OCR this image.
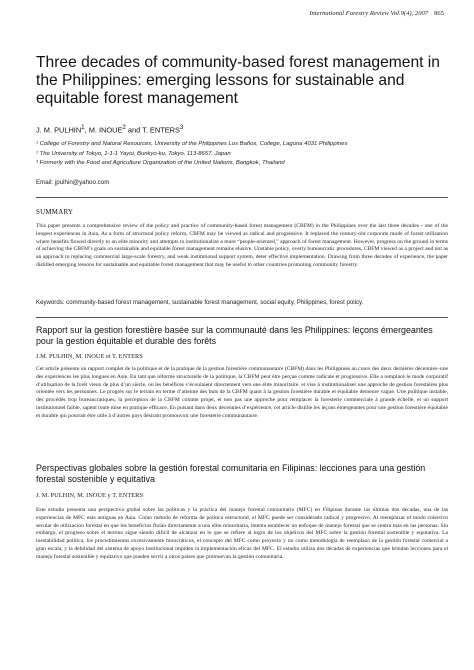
International Forestry Review Vol.9(4), 2007 865
Three decades of community-based forest management in the Philippines: emerging lessons for sustainable and equitable forest management
J. M. PULHIN$^1$, M. INOUE$^2$ and T. ENTERS$^3$
¹ College of Forestry and Natural Resources, University of the Philippines Los Baños, College, Laguna 4031 Philippines
² The University of Tokyo, 1-1-1 Yayoi, Bunkyo-ku, Tokyo, 113-8657, Japan
³ Formerly with the Food and Agriculture Organization of the United Nations, Bangkok, Thailand
Email: jpulhin@yahoo.com
SUMMARY

This paper presents a comprehensive review of the policy and practice of community-based forest management (CBFM) in the Philippines over the last three decades - one of the longest experiences in Asia. As a form of structural policy reform, CBFM may be viewed as radical and progressive. It replaced the century-old corporate mode of forest utilization where benefits flowed directly to an elite minority and attempts to institutionalize a more “people-oriented,” approach of forest management. However, progress on the ground in terms of achieving the CBFM’s goals on sustainable and equitable forest management remains elusive. Unstable policy, overly bureaucratic procedures, CBFM viewed as a project and not as an approach to replacing commercial large-scale forestry, and weak institutional support system, deter effective implementation. Drawing from three decades of experience, the paper distilled emerging lessons for sustainable and equitable forest management that may be useful to other countries promoting community forestry.

Keywords: community-based forest management, sustainable forest management, social equity, Philippines, forest policy.
Rapport sur la gestion forestière basée sur la communauté dans les Philippines: leçons émergeantes pour la gestion équitable et durable des forêts
J.M. PULHIN, M. INOUE et T. ENTERS

Cet article présente un rapport complet de la politique et de la pratique de la gestion forestière communautaire (CBFM) dans les Philippines au cours des deux dernières décennies–une des expériences les plus longues en Asie. En tant que réforme structurelle de la politique, la CBFM peut être perçue comme radicale et progressive. Elle a remplacé le mode corporatif d’utilisation de la forêt vieux de plus d’un siècle, où les bénéfices s’écoulaient directement vers une élite minoritaire, et vise à institutionaliser une approche de gestion forestières plus orientée vers les personnes. Le progrès sur le terrain en terme d’atteinte des buts de la CBFM quant à la gestion forestière durable et équitable demeure vague. Une politique instable, des procédés trop bureaucratiques, la perception de la CBFM comme projet, et non pas une approche pour remplacer la foresterie commerciale à grande échelle, et un support institutionnel faible, sapent toute mise en pratique efficace. En puisant dans deux décennies d’expérience, cet article distille les leçons émergeantes pour une gestion forestière équitable et durable qui pourrait être utile à d’autres pays désirant promouvoir une foresterie communautaire.

Perspectivas globales sobre la gestión forestal comunitaria en Filipinas: lecciones para una gestión forestal sostenible y equitativa
J. M. PULHIN, M. INOUE y T. ENTERS

Este estudio presenta una perspectiva global sobre las políticas y la práctica del manejo forestal comunitario (MFC) en Filipinas durante las últimas dos décadas, una de las experiencias de MFC más antiguas en Asia. Como método de reforma de política estructural, el MFC puede ser considerado radical y progresivo. Al reemplazar el modo colectivo secular de utilización forestal en que los beneficios fluían directamente a una élite minoritaria, intenta establecer un enfoque de manejo forestal que se centra más en las personas. Sin embargo, el progreso sobre el terreno sigue siendo difícil de alcanzar en lo que se refiere al logro de los objetivos del MFC sobre la gestión forestal sostenible y equitativa. La inestabilidad política, los procedimientos excesivamente burocráticos, el concepto del MFC como proyecto y no como metodología de reemplazo de la gestión forestal comercial a gran escala, y la debilidad del sistema de apoyo institucional impiden la implementación eficaz del MFC. El estudio utiliza dos décadas de experiencias que brindan lecciones para el manejo forestal sostenible y equitativo que pueden servir a otros países que promuevan la gestión comunitaria.
